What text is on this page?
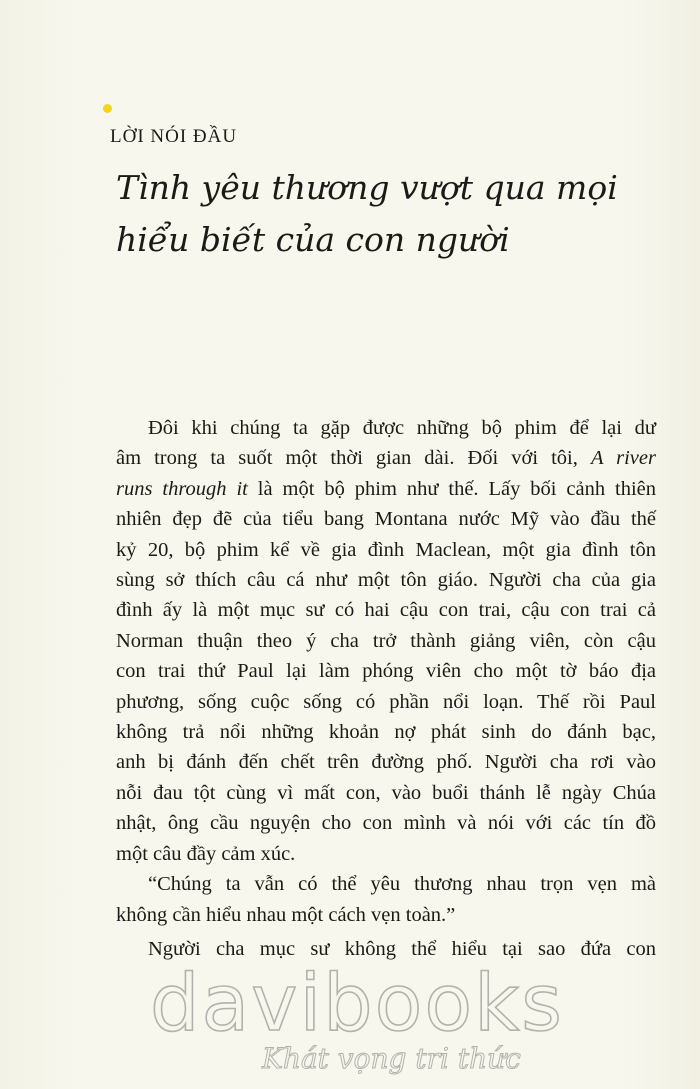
LỜI NÓI ĐẦU
Tình yêu thương vượt qua mọi
hiểu biết của con người
Đôi khi chúng ta gặp được những bộ phim để lại dư
âm trong ta suốt một thời gian dài. Đối với tôi, A river
runs through it là một bộ phim như thế. Lấy bối cảnh thiên
nhiên đẹp đẽ của tiểu bang Montana nước Mỹ vào đầu thế
kỷ 20, bộ phim kể về gia đình Maclean, một gia đình tôn
sùng sở thích câu cá như một tôn giáo. Người cha của gia
đình ấy là một mục sư có hai cậu con trai, cậu con trai cả
Norman thuận theo ý cha trở thành giảng viên, còn cậu
con trai thứ Paul lại làm phóng viên cho một tờ báo địa
phương, sống cuộc sống có phần nổi loạn. Thế rồi Paul
không trả nổi những khoản nợ phát sinh do đánh bạc,
anh bị đánh đến chết trên đường phố. Người cha rơi vào
nỗi đau tột cùng vì mất con, vào buổi thánh lễ ngày Chúa
nhật, ông cầu nguyện cho con mình và nói với các tín đồ
một câu đầy cảm xúc.
“Chúng ta vẫn có thể yêu thương nhau trọn vẹn mà
không cần hiểu nhau một cách vẹn toàn.”
Người cha mục sư không thể hiểu tại sao đứa con
davibooks
Khát vọng tri thức
